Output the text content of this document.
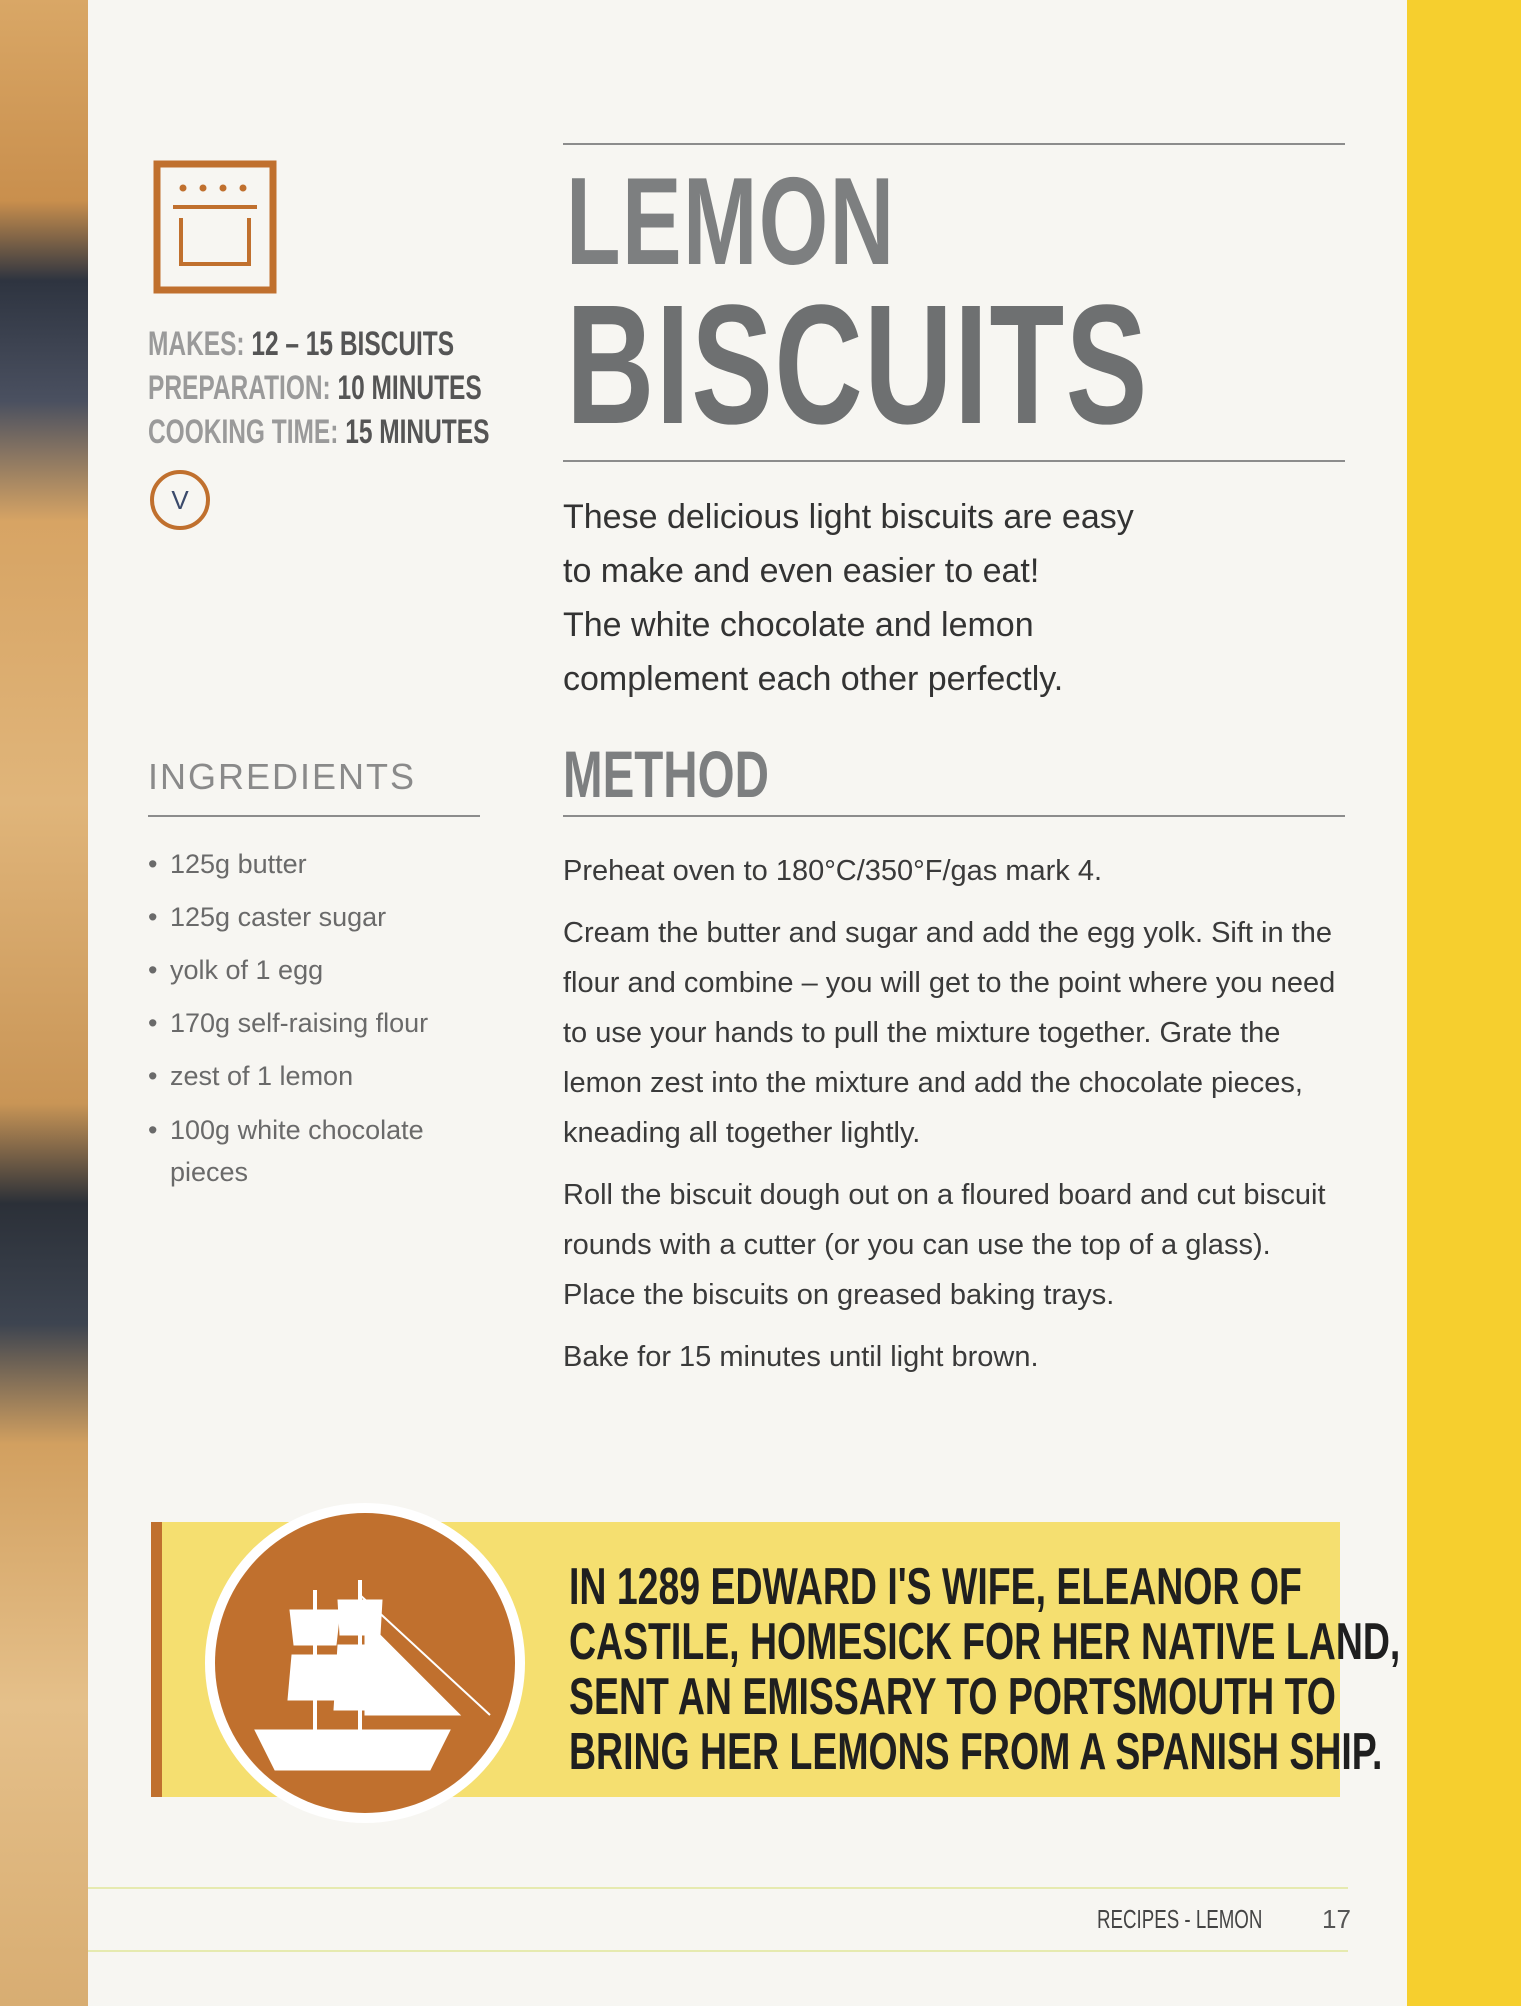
MAKES: 12 – 15 BISCUITS
PREPARATION: 10 MINUTES
COOKING TIME: 15 MINUTES
V
LEMON
BISCUITS
These delicious light biscuits are easy
to make and even easier to eat!
The white chocolate and lemon
complement each other perfectly.
INGREDIENTS
• 125g butter
• 125g caster sugar
• yolk of 1 egg
• 170g self-raising flour
• zest of 1 lemon
• 100g white chocolate pieces
METHOD

Preheat oven to 180°C/350°F/gas mark 4.

Cream the butter and sugar and add the egg yolk. Sift in the flour and combine – you will get to the point where you need to use your hands to pull the mixture together. Grate the lemon zest into the mixture and add the chocolate pieces, kneading all together lightly.

Roll the biscuit dough out on a floured board and cut biscuit rounds with a cutter (or you can use the top of a glass). Place the biscuits on greased baking trays.

Bake for 15 minutes until light brown.

IN 1289 EDWARD I'S WIFE, ELEANOR OF
CASTILE, HOMESICK FOR HER NATIVE LAND,
SENT AN EMISSARY TO PORTSMOUTH TO
BRING HER LEMONS FROM A SPANISH SHIP.
RECIPES - LEMON	17
